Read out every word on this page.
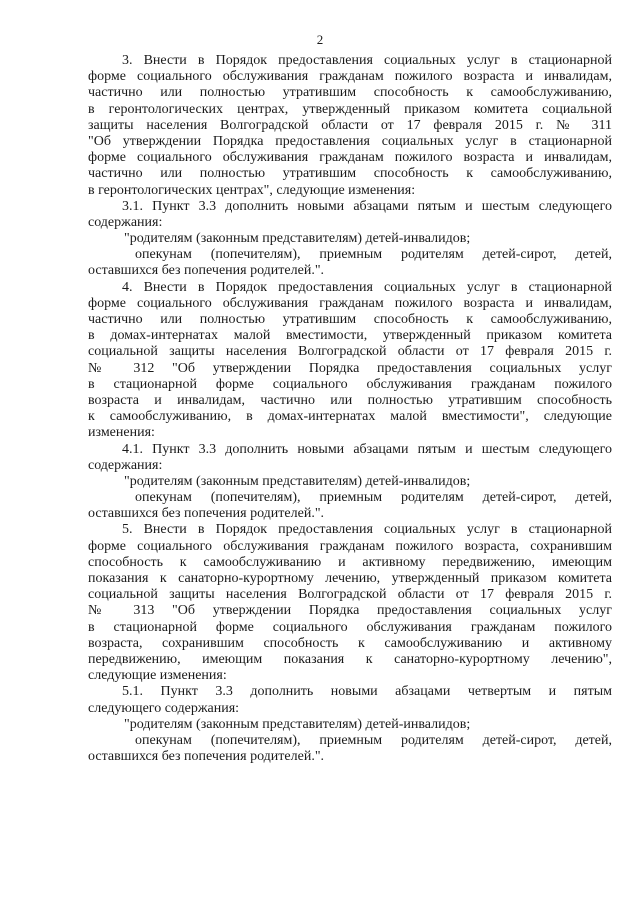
2
3. Внести в Порядок предоставления социальных услуг в стационарной
форме социального обслуживания гражданам пожилого возраста и инвалидам,
частично или полностью утратившим способность к самообслуживанию,
в геронтологических центрах, утвержденный приказом комитета социальной
защиты населения Волгоградской области от 17 февраля 2015 г. № 311
"Об утверждении Порядка предоставления социальных услуг в стационарной
форме социального обслуживания гражданам пожилого возраста и инвалидам,
частично или полностью утратившим способность к самообслуживанию,
в геронтологических центрах", следующие изменения:
3.1. Пункт 3.3 дополнить новыми абзацами пятым и шестым следующего
содержания:
"родителям (законным представителям) детей-инвалидов;
опекунам (попечителям), приемным родителям детей-сирот, детей,
оставшихся без попечения родителей.".
4. Внести в Порядок предоставления социальных услуг в стационарной
форме социального обслуживания гражданам пожилого возраста и инвалидам,
частично или полностью утратившим способность к самообслуживанию,
в домах-интернатах малой вместимости, утвержденный приказом комитета
социальной защиты населения Волгоградской области от 17 февраля 2015 г.
№ 312 "Об утверждении Порядка предоставления социальных услуг
в стационарной форме социального обслуживания гражданам пожилого
возраста и инвалидам, частично или полностью утратившим способность
к самообслуживанию, в домах-интернатах малой вместимости", следующие
изменения:
4.1. Пункт 3.3 дополнить новыми абзацами пятым и шестым следующего
содержания:
"родителям (законным представителям) детей-инвалидов;
опекунам (попечителям), приемным родителям детей-сирот, детей,
оставшихся без попечения родителей.".
5. Внести в Порядок предоставления социальных услуг в стационарной
форме социального обслуживания гражданам пожилого возраста, сохранившим
способность к самообслуживанию и активному передвижению, имеющим
показания к санаторно-курортному лечению, утвержденный приказом комитета
социальной защиты населения Волгоградской области от 17 февраля 2015 г.
№ 313 "Об утверждении Порядка предоставления социальных услуг
в стационарной форме социального обслуживания гражданам пожилого
возраста, сохранившим способность к самообслуживанию и активному
передвижению, имеющим показания к санаторно-курортному лечению",
следующие изменения:
5.1. Пункт 3.3 дополнить новыми абзацами четвертым и пятым
следующего содержания:
"родителям (законным представителям) детей-инвалидов;
опекунам (попечителям), приемным родителям детей-сирот, детей,
оставшихся без попечения родителей.".
